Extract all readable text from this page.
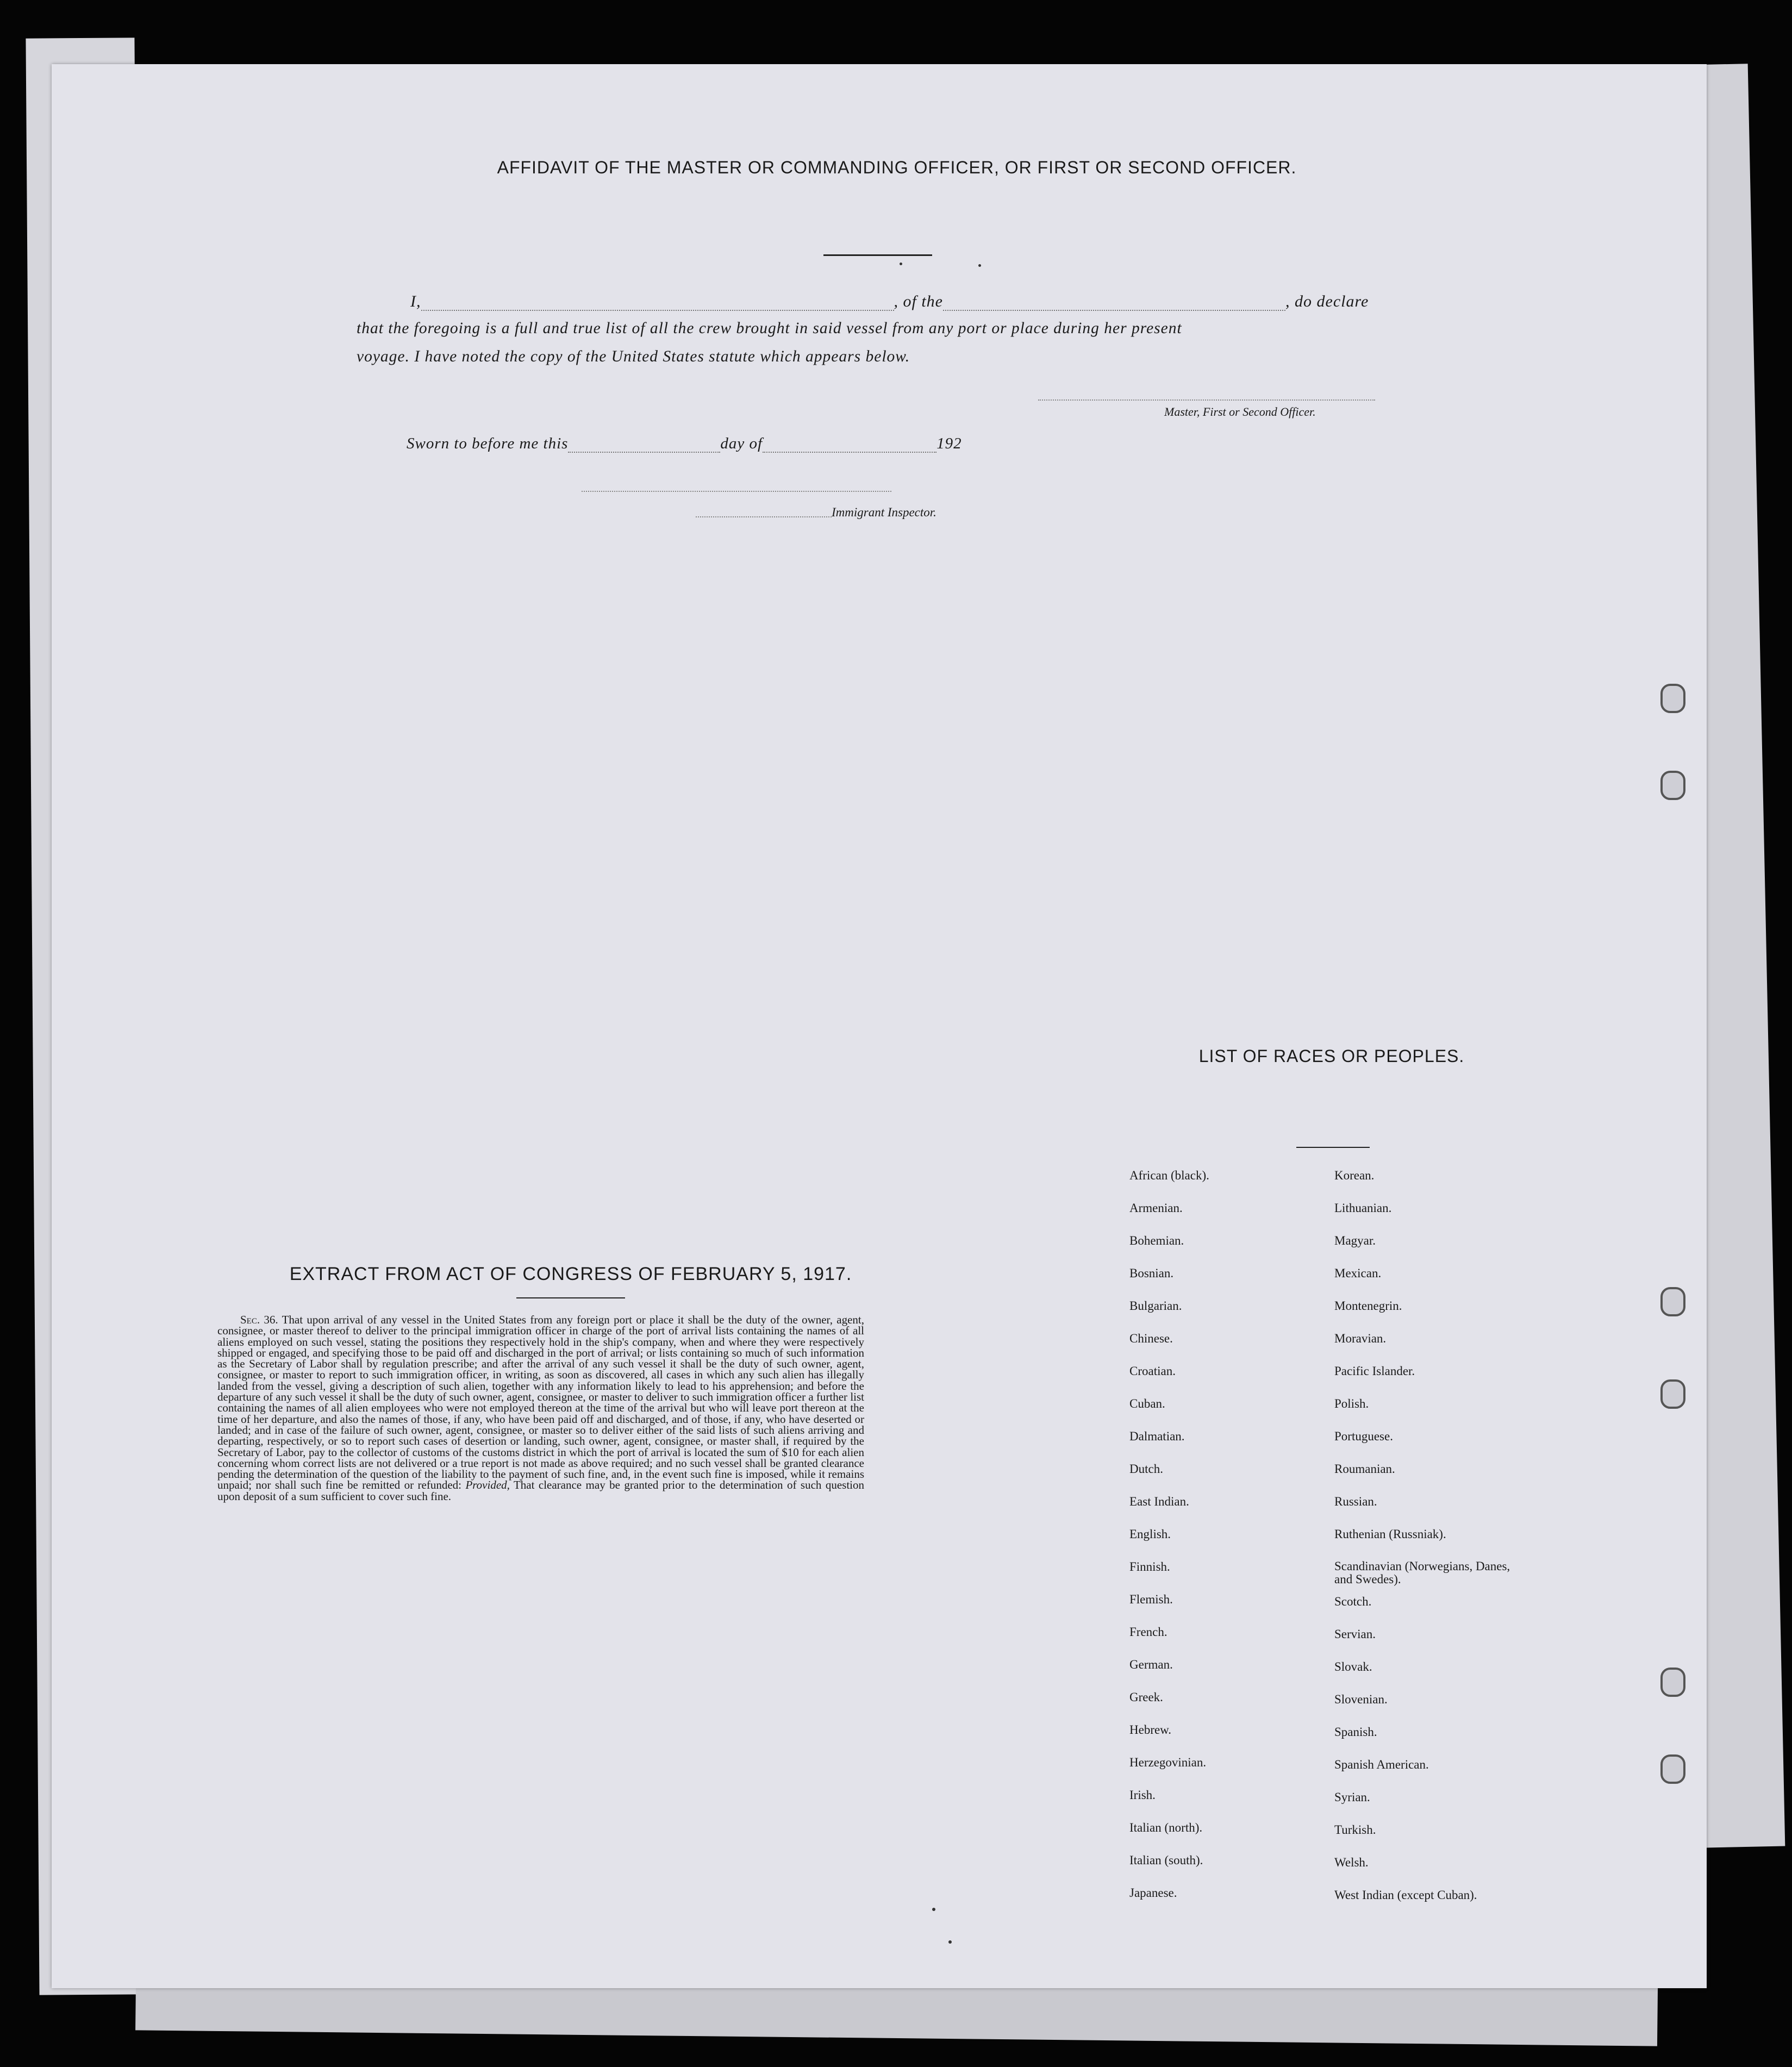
AFFIDAVIT OF THE MASTER OR COMMANDING OFFICER, OR FIRST OR SECOND OFFICER.
I,	, of the	, do declare
that the foregoing is a full and true list of all the crew brought in said vessel from any port or place during her present
voyage. I have noted the copy of the United States statute which appears below.
Master, First or Second Officer.
Sworn to before me this	day of	192
Immigrant Inspector.
LIST OF RACES OR PEOPLES.
African (black).
Armenian.
Bohemian.
Bosnian.
Bulgarian.
Chinese.
Croatian.
Cuban.
Dalmatian.
Dutch.
East Indian.
English.
Finnish.
Flemish.
French.
German.
Greek.
Hebrew.
Herzegovinian.
Irish.
Italian (north).
Italian (south).
Japanese.
Korean.
Lithuanian.
Magyar.
Mexican.
Montenegrin.
Moravian.
Pacific Islander.
Polish.
Portuguese.
Roumanian.
Russian.
Ruthenian (Russniak).
Scandinavian (Norwegians, Danes, and Swedes).
Scotch.
Servian.
Slovak.
Slovenian.
Spanish.
Spanish American.
Syrian.
Turkish.
Welsh.
West Indian (except Cuban).
EXTRACT FROM ACT OF CONGRESS OF FEBRUARY 5, 1917.

  Sec. 36. That upon arrival of any vessel in the United States from any foreign port or place it shall be the duty of the owner, agent, consignee, or master thereof to deliver to the principal immigration officer in charge of the port of arrival lists containing the names of all aliens employed on such vessel, stating the positions they respectively hold in the ship's company, when and where they were respectively shipped or engaged, and specifying those to be paid off and discharged in the port of arrival; or lists containing so much of such information as the Secretary of Labor shall by regulation prescribe; and after the arrival of any such vessel it shall be the duty of such owner, agent, consignee, or master to report to such immigration officer, in writing, as soon as discovered, all cases in which any such alien has illegally landed from the vessel, giving a description of such alien, together with any information likely to lead to his apprehension; and before the departure of any such vessel it shall be the duty of such owner, agent, consignee, or master to deliver to such immigration officer a further list containing the names of all alien employees who were not employed thereon at the time of the arrival but who will leave port thereon at the time of her departure, and also the names of those, if any, who have been paid off and discharged, and of those, if any, who have deserted or landed; and in case of the failure of such owner, agent, consignee, or master so to deliver either of the said lists of such aliens arriving and departing, respectively, or so to report such cases of desertion or landing, such owner, agent, consignee, or master shall, if required by the Secretary of Labor, pay to the collector of customs of the customs district in which the port of arrival is located the sum of $10 for each alien concerning whom correct lists are not delivered or a true report is not made as above required; and no such vessel shall be granted clearance pending the determination of the question of the liability to the payment of such fine, and, in the event such fine is imposed, while it remains unpaid; nor shall such fine be remitted or refunded: Provided, That clearance may be granted prior to the determination of such question upon deposit of a sum sufficient to cover such fine.
